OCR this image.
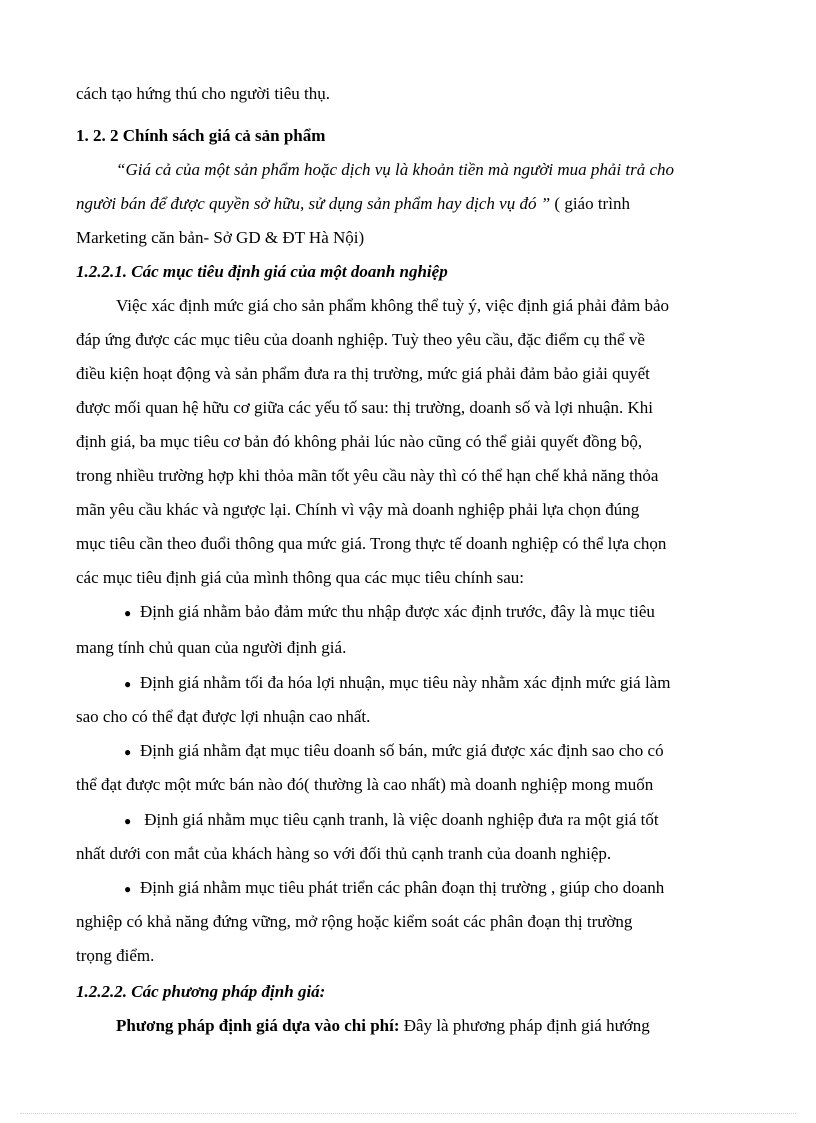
cách tạo hứng thú cho người tiêu thụ.
1. 2. 2 Chính sách giá cả sản phẩm
“Giá cả của một sản phẩm hoặc dịch vụ là khoản tiền mà người mua phải trả cho
người bán để được quyền sở hữu, sử dụng sản phẩm hay dịch vụ đó ” ( giáo trình
Marketing căn bản- Sở GD & ĐT Hà Nội)
1.2.2.1. Các mục tiêu định giá của một doanh nghiệp
Việc xác định mức giá cho sản phẩm không thể tuỳ ý, việc định giá phải đảm bảo
đáp ứng được các mục tiêu của doanh nghiệp. Tuỳ theo yêu cầu, đặc điểm cụ thể về
điều kiện hoạt động và sản phẩm đưa ra thị trường, mức giá phải đảm bảo giải quyết
được mối quan hệ hữu cơ giữa các yếu tố sau: thị trường, doanh số và lợi nhuận. Khi
định giá, ba mục tiêu cơ bản đó không phải lúc nào cũng có thể giải quyết đồng bộ,
trong nhiều trường hợp khi thỏa mãn tốt yêu cầu này thì có thể hạn chế khả năng thỏa
mãn yêu cầu khác và ngược lại. Chính vì vậy mà doanh nghiệp phải lựa chọn đúng
mục tiêu cần theo đuổi thông qua mức giá. Trong thực tế doanh nghiệp có thể lựa chọn
các mục tiêu định giá của mình thông qua các mục tiêu chính sau:
● Định giá nhằm bảo đảm mức thu nhập được xác định trước, đây là mục tiêu
mang tính chủ quan của người định giá.
● Định giá nhằm tối đa hóa lợi nhuận, mục tiêu này nhằm xác định mức giá làm
sao cho có thể đạt được lợi nhuận cao nhất.
● Định giá nhằm đạt mục tiêu doanh số bán, mức giá được xác định sao cho có
thể đạt được một mức bán nào đó( thường là cao nhất) mà doanh nghiệp mong muốn
● Định giá nhằm mục tiêu cạnh tranh, là việc doanh nghiệp đưa ra một giá tốt
nhất dưới con mắt của khách hàng so với đối thủ cạnh tranh của doanh nghiệp.
● Định giá nhằm mục tiêu phát triển các phân đoạn thị trường , giúp cho doanh
nghiệp có khả năng đứng vững, mở rộng hoặc kiểm soát các phân đoạn thị trường
trọng điểm.
1.2.2.2. Các phương pháp định giá:
Phương pháp định giá dựa vào chi phí: Đây là phương pháp định giá hướng
